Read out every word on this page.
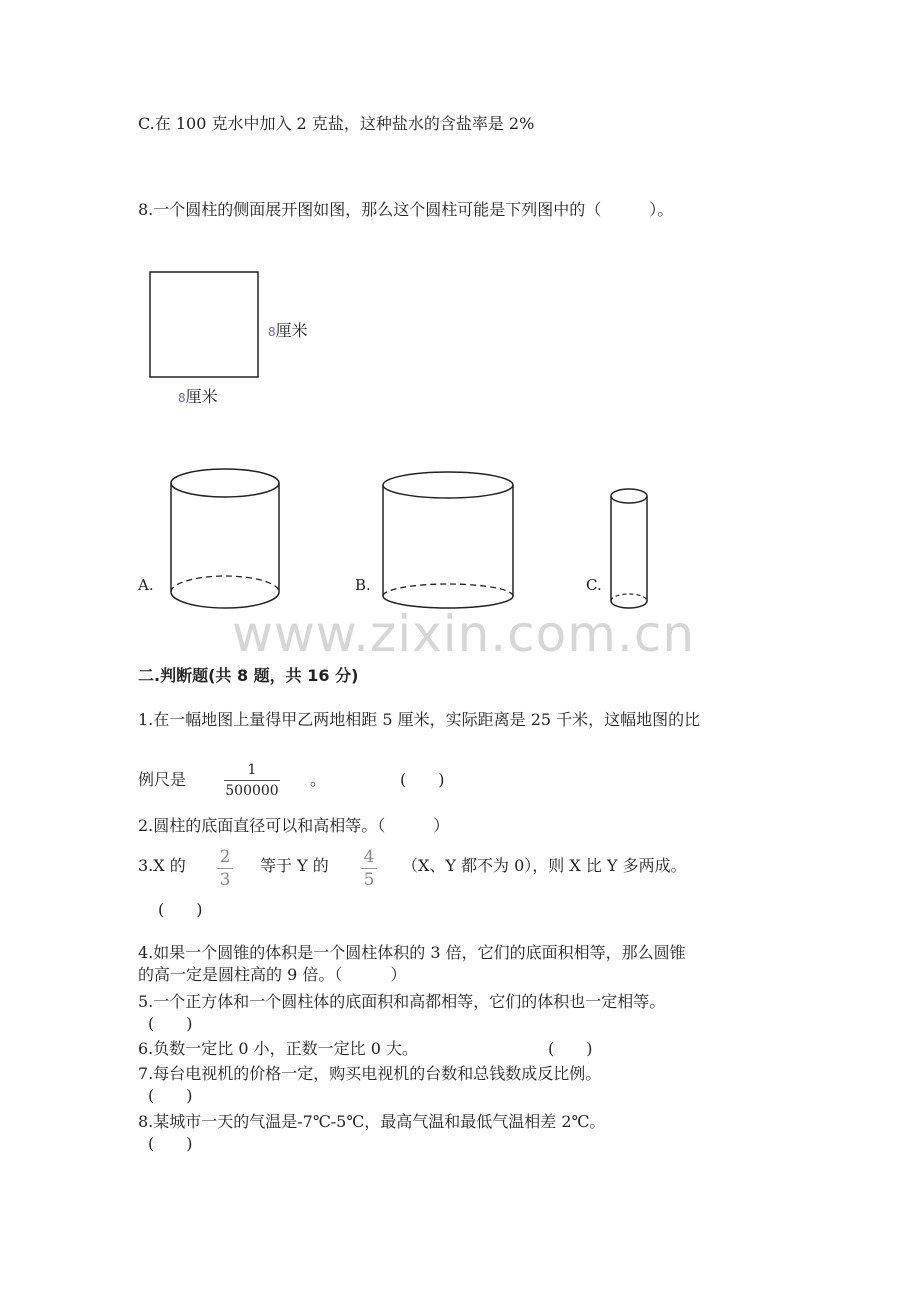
C.在 100 克水中加入 2 克盐，这种盐水的含盐率是 2%
8.一个圆柱的侧面展开图如图，那么这个圆柱可能是下列图中的（　　　）。
8厘米
8厘米
A.	B.	C.
www.zixin.com.cn
二.判断题(共 8 题，共 16 分)
1.在一幅地图上量得甲乙两地相距 5 厘米，实际距离是 25 千米，这幅地图的比
例尺是	1
500000
。	(　　)
2.圆柱的底面直径可以和高相等。（　　　）
3.X 的 2
3
等于 Y 的 4
5
（X、Y 都不为 0），则 X 比 Y 多两成。
(　　)
4.如果一个圆锥的体积是一个圆柱体积的 3 倍，它们的底面积相等，那么圆锥
的高一定是圆柱高的 9 倍。（　　　）
5.一个正方体和一个圆柱体的底面积和高都相等，它们的体积也一定相等。
(　　)
6.负数一定比 0 小，正数一定比 0 大。	(　　)
7.每台电视机的价格一定，购买电视机的台数和总钱数成反比例。
(　　)
8.某城市一天的气温是-7℃-5℃，最高气温和最低气温相差 2℃。
(　　)
